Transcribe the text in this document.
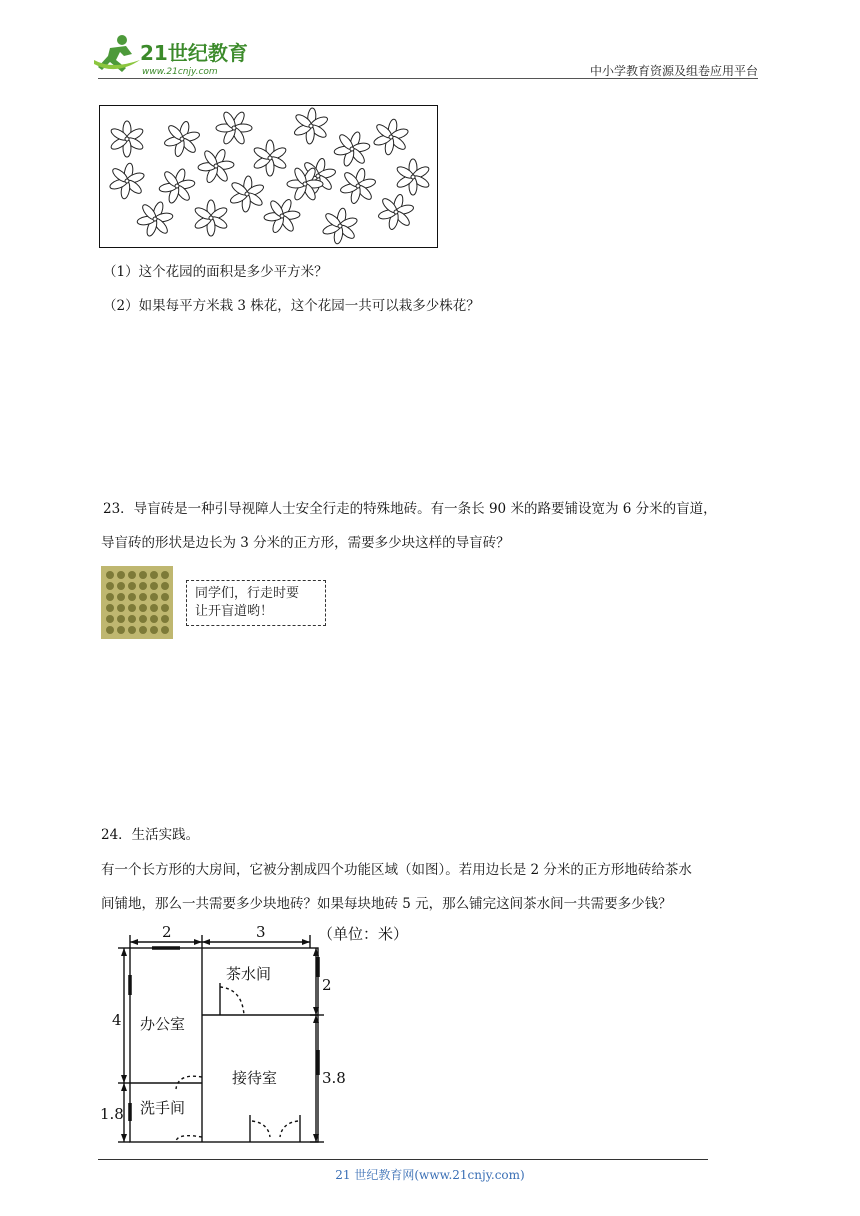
21世纪教育
www.21cnjy.com	中小学教育资源及组卷应用平台
（1）这个花园的面积是多少平方米？
（2）如果每平方米栽 3 株花，这个花园一共可以栽多少株花？
23．导盲砖是一种引导视障人士安全行走的特殊地砖。有一条长 90 米的路要铺设宽为 6 分米的盲道，
导盲砖的形状是边长为 3 分米的正方形，需要多少块这样的导盲砖？
同学们，行走时要
让开盲道哟！
24．生活实践。
有一个长方形的大房间，它被分割成四个功能区域（如图）。若用边长是 2 分米的正方形地砖给茶水
间铺地，那么一共需要多少块地砖？如果每块地砖 5 元，那么铺完这间茶水间一共需要多少钱？
2	3	（单位：米）
4
1.8
2
3.8
茶水间
办公室
接待室
洗手间
21 世纪教育网(www.21cnjy.com)
